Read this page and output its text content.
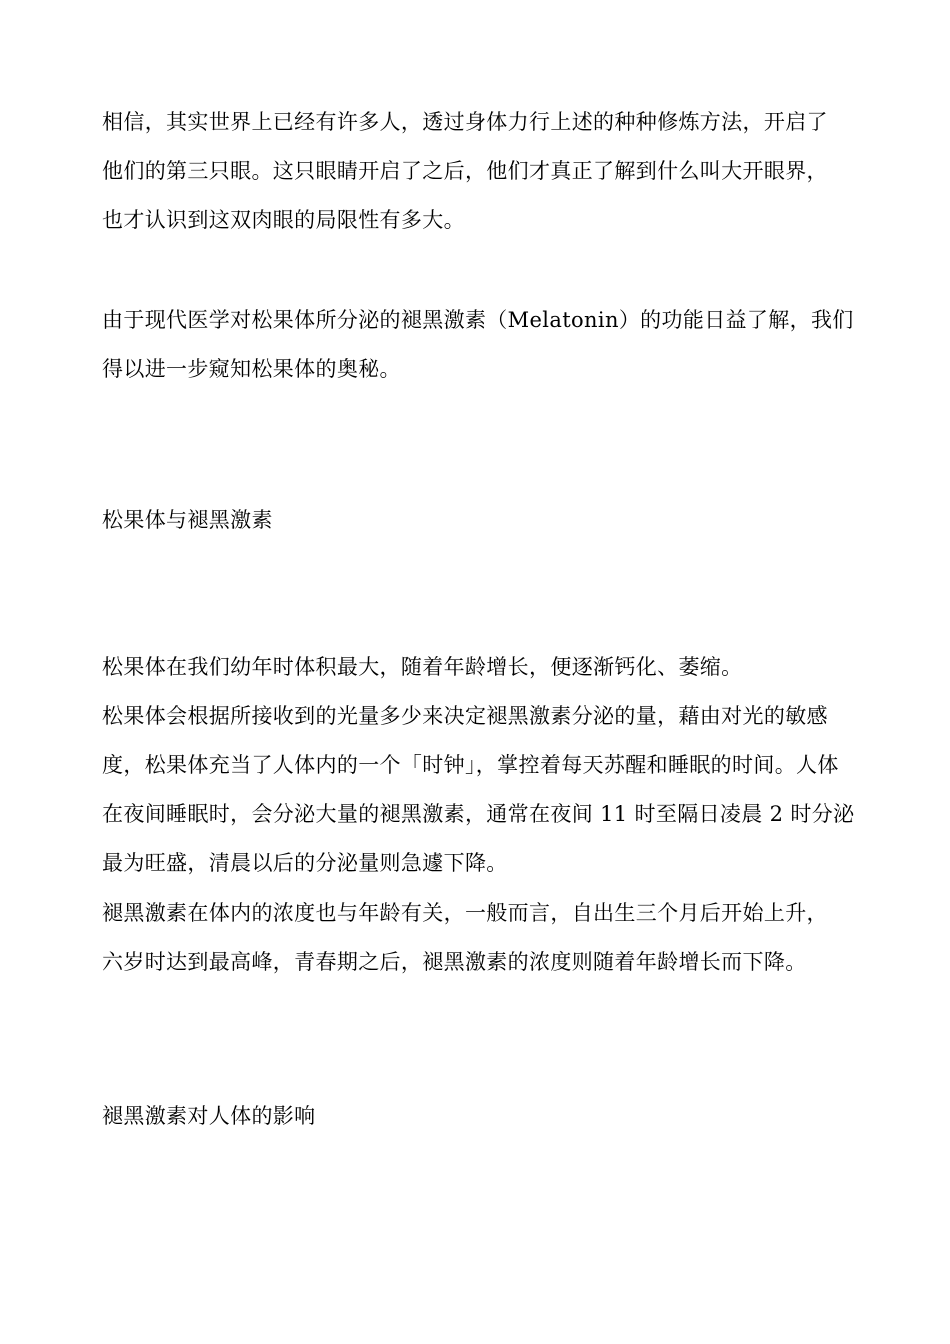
相信，其实世界上已经有许多人，透过身体力行上述的种种修炼方法，开启了
他们的第三只眼。这只眼睛开启了之后，他们才真正了解到什么叫大开眼界，
也才认识到这双肉眼的局限性有多大。
由于现代医学对松果体所分泌的褪黑激素（Melatonin）的功能日益了解，我们
得以进一步窥知松果体的奥秘。
松果体与褪黑激素
松果体在我们幼年时体积最大，随着年龄增长，便逐渐钙化、萎缩。
松果体会根据所接收到的光量多少来决定褪黑激素分泌的量，藉由对光的敏感
度，松果体充当了人体内的一个「时钟」，掌控着每天苏醒和睡眠的时间。人体
在夜间睡眠时，会分泌大量的褪黑激素，通常在夜间 11 时至隔日凌晨 2 时分泌
最为旺盛，清晨以后的分泌量则急遽下降。
褪黑激素在体内的浓度也与年龄有关，一般而言，自出生三个月后开始上升，
六岁时达到最高峰，青春期之后，褪黑激素的浓度则随着年龄增长而下降。
褪黑激素对人体的影响
